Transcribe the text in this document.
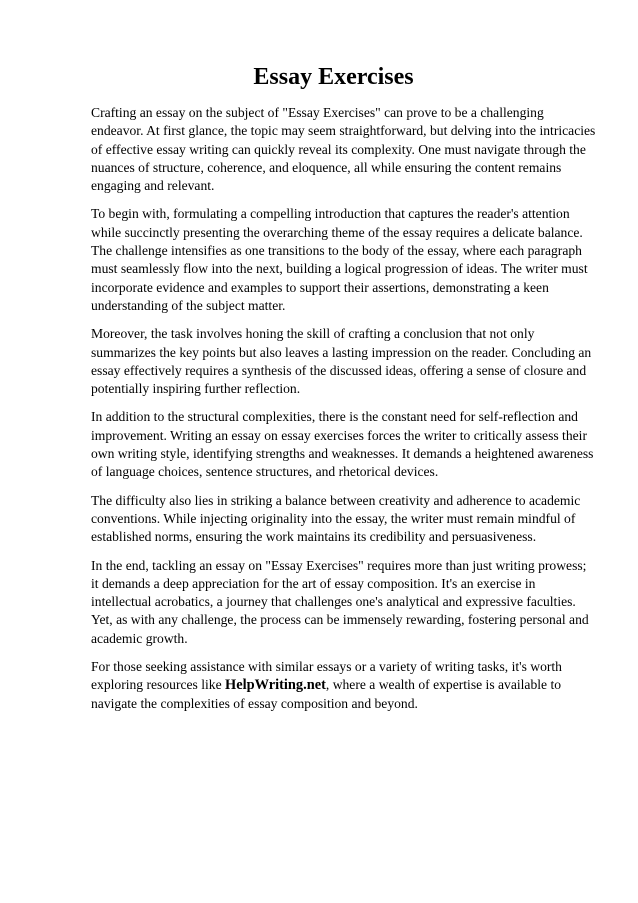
Essay Exercises

Crafting an essay on the subject of "Essay Exercises" can prove to be a challenging endeavor. At first glance, the topic may seem straightforward, but delving into the intricacies of effective essay writing can quickly reveal its complexity. One must navigate through the nuances of structure, coherence, and eloquence, all while ensuring the content remains engaging and relevant.

To begin with, formulating a compelling introduction that captures the reader's attention while succinctly presenting the overarching theme of the essay requires a delicate balance. The challenge intensifies as one transitions to the body of the essay, where each paragraph must seamlessly flow into the next, building a logical progression of ideas. The writer must incorporate evidence and examples to support their assertions, demonstrating a keen understanding of the subject matter.

Moreover, the task involves honing the skill of crafting a conclusion that not only summarizes the key points but also leaves a lasting impression on the reader. Concluding an essay effectively requires a synthesis of the discussed ideas, offering a sense of closure and potentially inspiring further reflection.

In addition to the structural complexities, there is the constant need for self-reflection and improvement. Writing an essay on essay exercises forces the writer to critically assess their own writing style, identifying strengths and weaknesses. It demands a heightened awareness of language choices, sentence structures, and rhetorical devices.

The difficulty also lies in striking a balance between creativity and adherence to academic conventions. While injecting originality into the essay, the writer must remain mindful of established norms, ensuring the work maintains its credibility and persuasiveness.

In the end, tackling an essay on "Essay Exercises" requires more than just writing prowess; it demands a deep appreciation for the art of essay composition. It's an exercise in intellectual acrobatics, a journey that challenges one's analytical and expressive faculties. Yet, as with any challenge, the process can be immensely rewarding, fostering personal and academic growth.

For those seeking assistance with similar essays or a variety of writing tasks, it's worth exploring resources like HelpWriting.net, where a wealth of expertise is available to navigate the complexities of essay composition and beyond.
